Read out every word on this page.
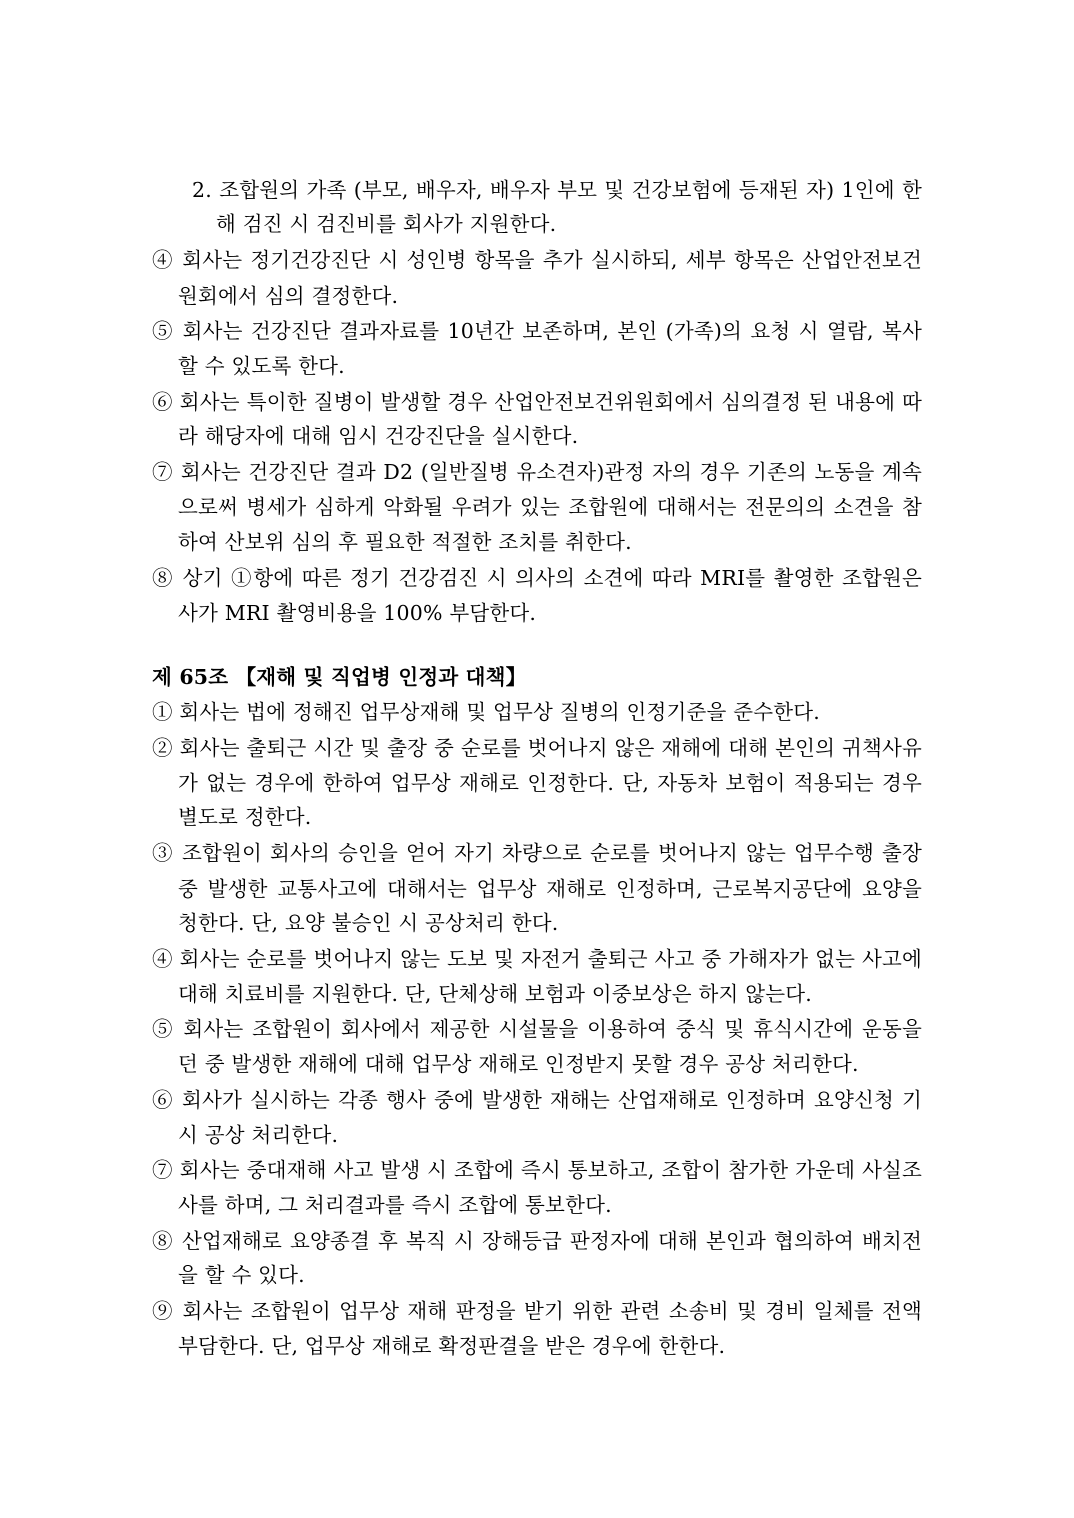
2. 조합원의 가족 (부모, 배우자, 배우자 부모 및 건강보험에 등재된 자) 1인에 한
해 검진 시 검진비를 회사가 지원한다.
④ 회사는 정기건강진단 시 성인병 항목을 추가 실시하되, 세부 항목은 산업안전보건
원회에서 심의 결정한다.
⑤ 회사는 건강진단 결과자료를 10년간 보존하며, 본인 (가족)의 요청 시 열람, 복사
할 수 있도록 한다.
⑥ 회사는 특이한 질병이 발생할 경우 산업안전보건위원회에서 심의결정 된 내용에 따
라 해당자에 대해 임시 건강진단을 실시한다.
⑦ 회사는 건강진단 결과 D2 (일반질병 유소견자)관정 자의 경우 기존의 노동을 계속
으로써 병세가 심하게 악화될 우려가 있는 조합원에 대해서는 전문의의 소견을 참
하여 산보위 심의 후 필요한 적절한 조치를 취한다.
⑧ 상기 ①항에 따른 정기 건강검진 시 의사의 소견에 따라 MRI를 촬영한 조합원은
사가 MRI 촬영비용을 100% 부담한다.
제 65조 【재해 및 직업병 인정과 대책】
① 회사는 법에 정해진 업무상재해 및 업무상 질병의 인정기준을 준수한다.
② 회사는 출퇴근 시간 및 출장 중 순로를 벗어나지 않은 재해에 대해 본인의 귀책사유
가 없는 경우에 한하여 업무상 재해로 인정한다. 단, 자동차 보험이 적용되는 경우
별도로 정한다.
③ 조합원이 회사의 승인을 얻어 자기 차량으로 순로를 벗어나지 않는 업무수행 출장
중 발생한 교통사고에 대해서는 업무상 재해로 인정하며, 근로복지공단에 요양을
청한다. 단, 요양 불승인 시 공상처리 한다.
④ 회사는 순로를 벗어나지 않는 도보 및 자전거 출퇴근 사고 중 가해자가 없는 사고에
대해 치료비를 지원한다. 단, 단체상해 보험과 이중보상은 하지 않는다.
⑤ 회사는 조합원이 회사에서 제공한 시설물을 이용하여 중식 및 휴식시간에 운동을
던 중 발생한 재해에 대해 업무상 재해로 인정받지 못할 경우 공상 처리한다.
⑥ 회사가 실시하는 각종 행사 중에 발생한 재해는 산업재해로 인정하며 요양신청 기
시 공상 처리한다.
⑦ 회사는 중대재해 사고 발생 시 조합에 즉시 통보하고, 조합이 참가한 가운데 사실조
사를 하며, 그 처리결과를 즉시 조합에 통보한다.
⑧ 산업재해로 요양종결 후 복직 시 장해등급 판정자에 대해 본인과 협의하여 배치전
을 할 수 있다.
⑨ 회사는 조합원이 업무상 재해 판정을 받기 위한 관련 소송비 및 경비 일체를 전액
부담한다. 단, 업무상 재해로 확정판결을 받은 경우에 한한다.
